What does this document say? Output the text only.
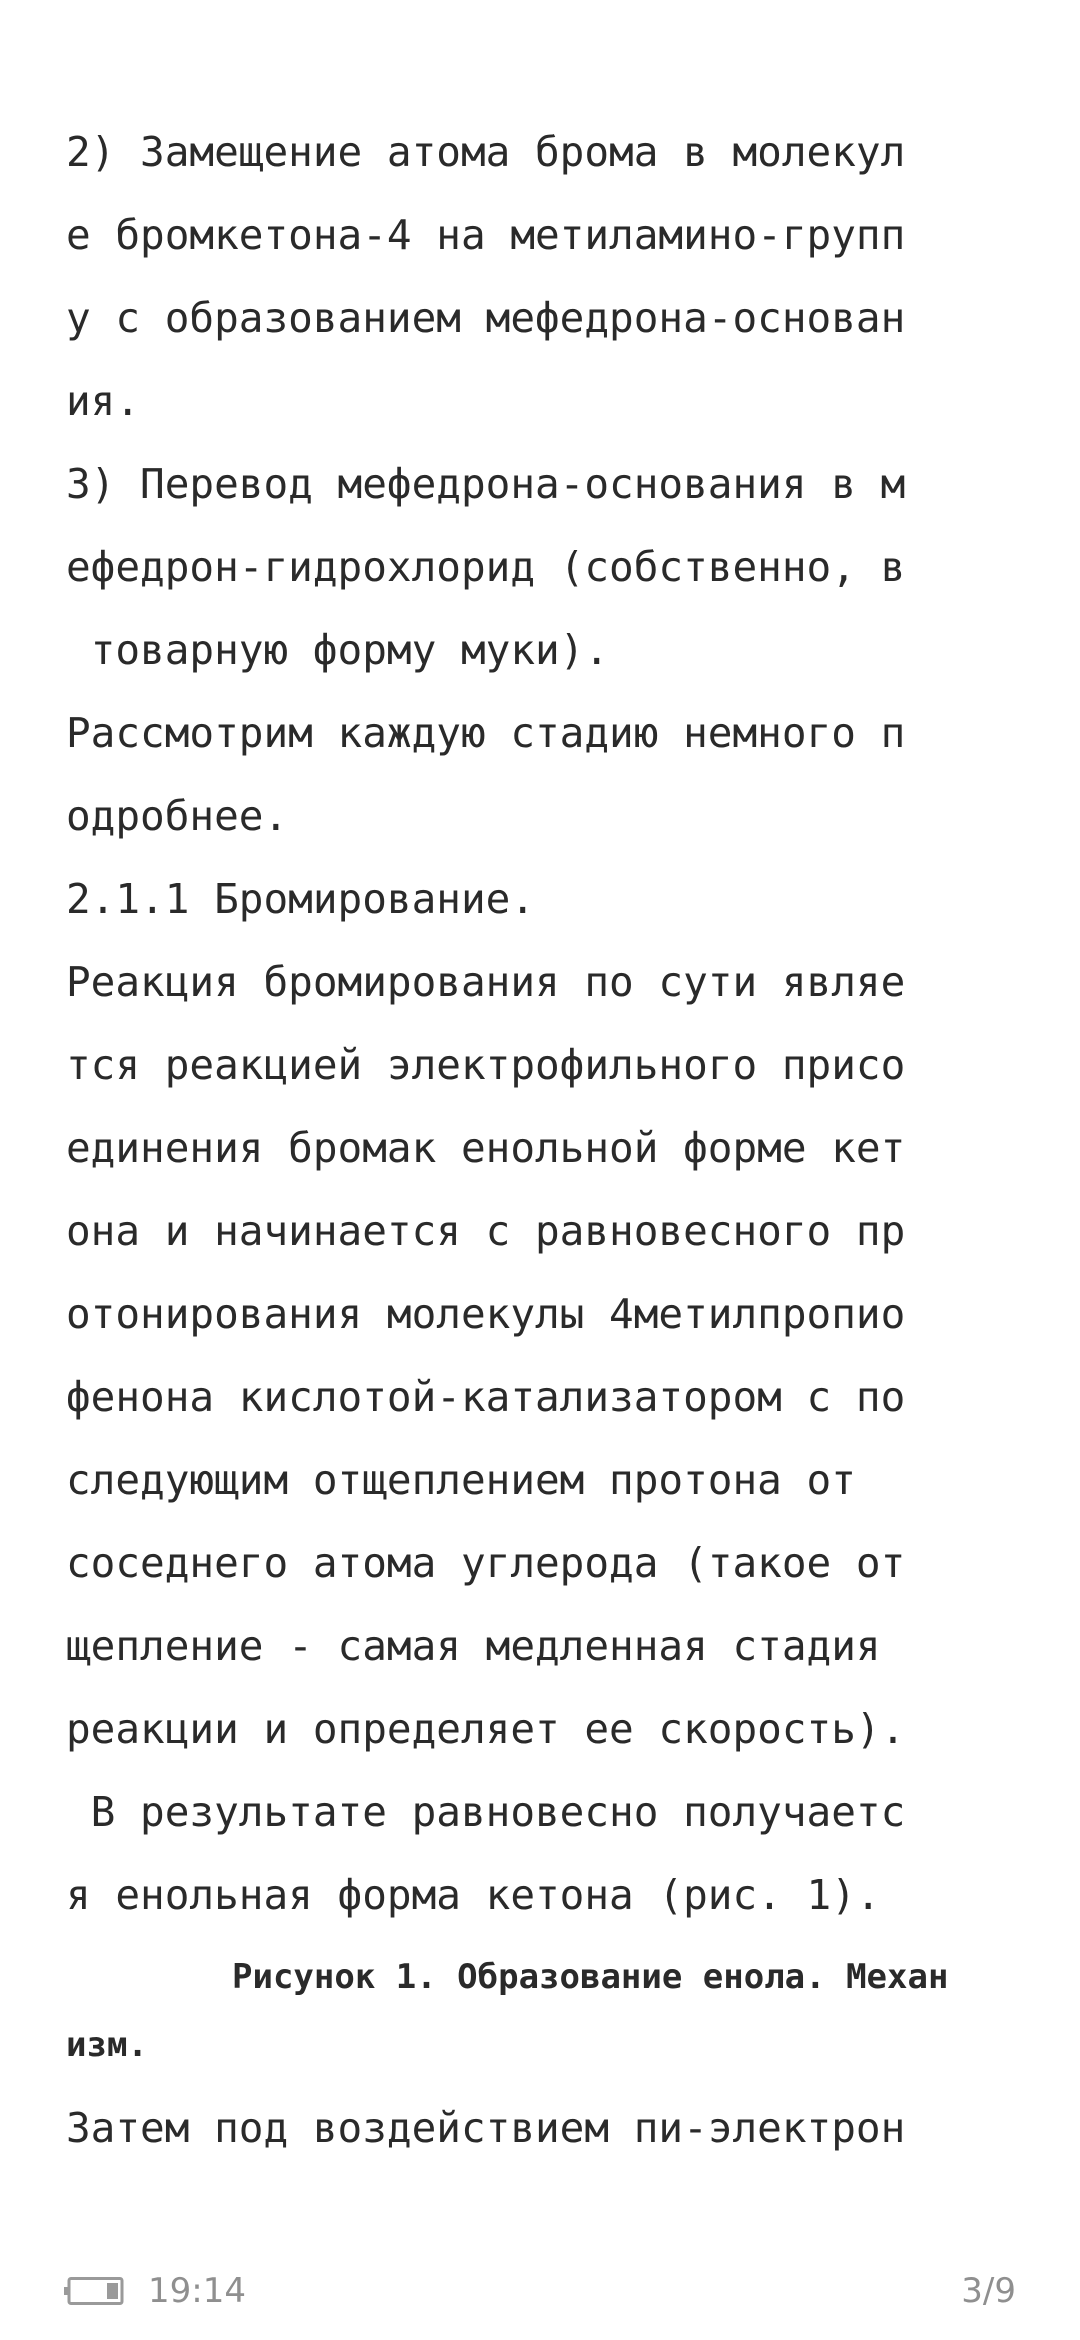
2) Замещение атома брома в молекул
е бромкетона-4 на метиламино-групп
у с образованием мефедрона-основан
ия.
3) Перевод мефедрона-основания в м
ефедрон-гидрохлорид (собственно, в
товарную форму муки).
Рассмотрим каждую стадию немного п
одробнее.
2.1.1 Бромирование.
Реакция бромирования по сути являе
тся реакцией электрофильного присо
единения бромак енольной форме кет
она и начинается с равновесного пр
отонирования молекулы 4метилпропио
фенона кислотой-катализатором с по
следующим отщеплением протона от
соседнего атома углерода (такое от
щепление - самая медленная стадия
реакции и определяет ее скорость).
В результате равновесно получаетс
я енольная форма кетона (рис. 1).
Рисунок 1. Образование енола. Механ
изм.
Затем под воздействием пи-электрон
19:14	3/9
